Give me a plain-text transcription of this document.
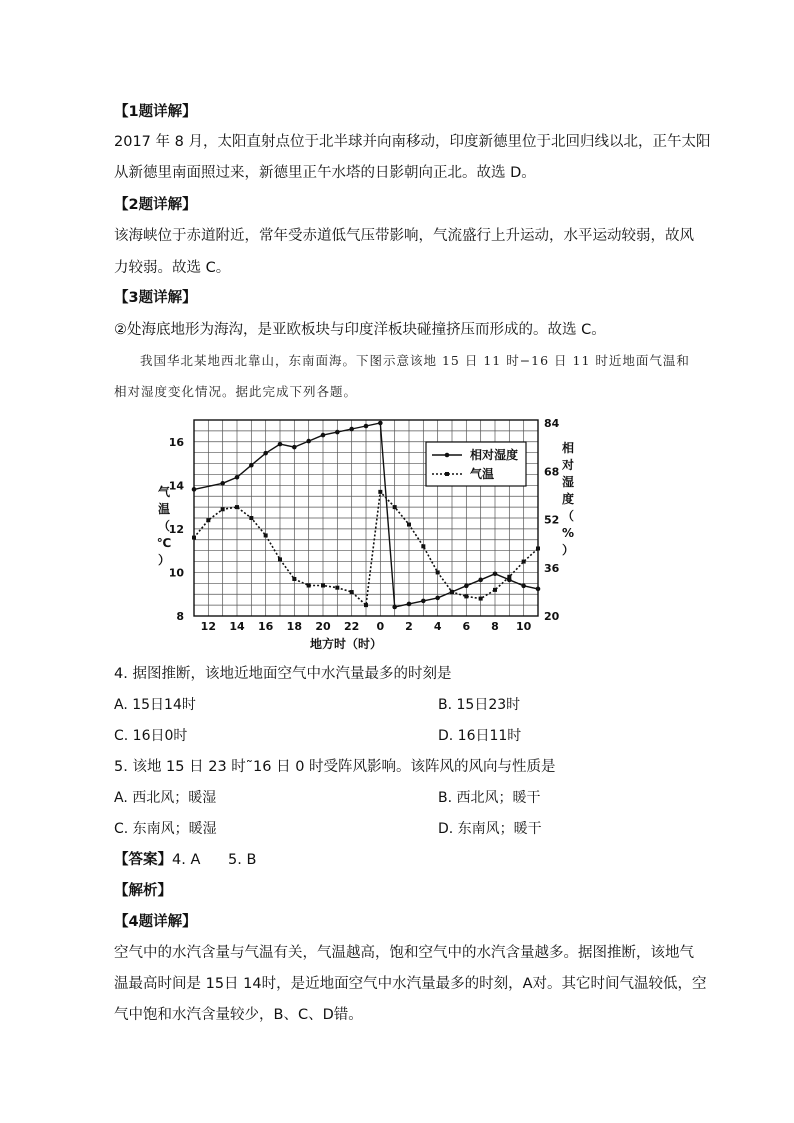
【1题详解】
2017 年 8 月，太阳直射点位于北半球并向南移动，印度新德里位于北回归线以北，正午太阳
从新德里南面照过来，新德里正午水塔的日影朝向正北。故选 D。
【2题详解】
该海峡位于赤道附近，常年受赤道低气压带影响，气流盛行上升运动，水平运动较弱，故风
力较弱。故选 C。
【3题详解】
②处海底地形为海沟，是亚欧板块与印度洋板块碰撞挤压而形成的。故选 C。
我国华北某地西北靠山，东南面海。下图示意该地 15 日 11 时−16 日 11 时近地面气温和
相对湿度变化情况。据此完成下列各题。
12 14 16 18 20 22 0 2 4 6 8 10
8
10
12
14
16
20
36
52
68
84
地方时（时）
气
温
（
℃
）
相
对
湿
度
（
%
）
相对湿度
气温
4. 据图推断，该地近地面空气中水汽量最多的时刻是
A. 15日14时	B. 15日23时
C. 16日0时	D. 16日11时
5. 该地 15 日 23 时˜16 日 0 时受阵风影响。该阵风的风向与性质是
A. 西北风；暖湿	B. 西北风；暖干
C. 东南风；暖湿	D. 东南风；暖干
【答案】4. A      5. B
【解析】
【4题详解】
空气中的水汽含量与气温有关，气温越高，饱和空气中的水汽含量越多。据图推断，该地气
温最高时间是 15日 14时，是近地面空气中水汽量最多的时刻，A对。其它时间气温较低，空
气中饱和水汽含量较少，B、C、D错。
